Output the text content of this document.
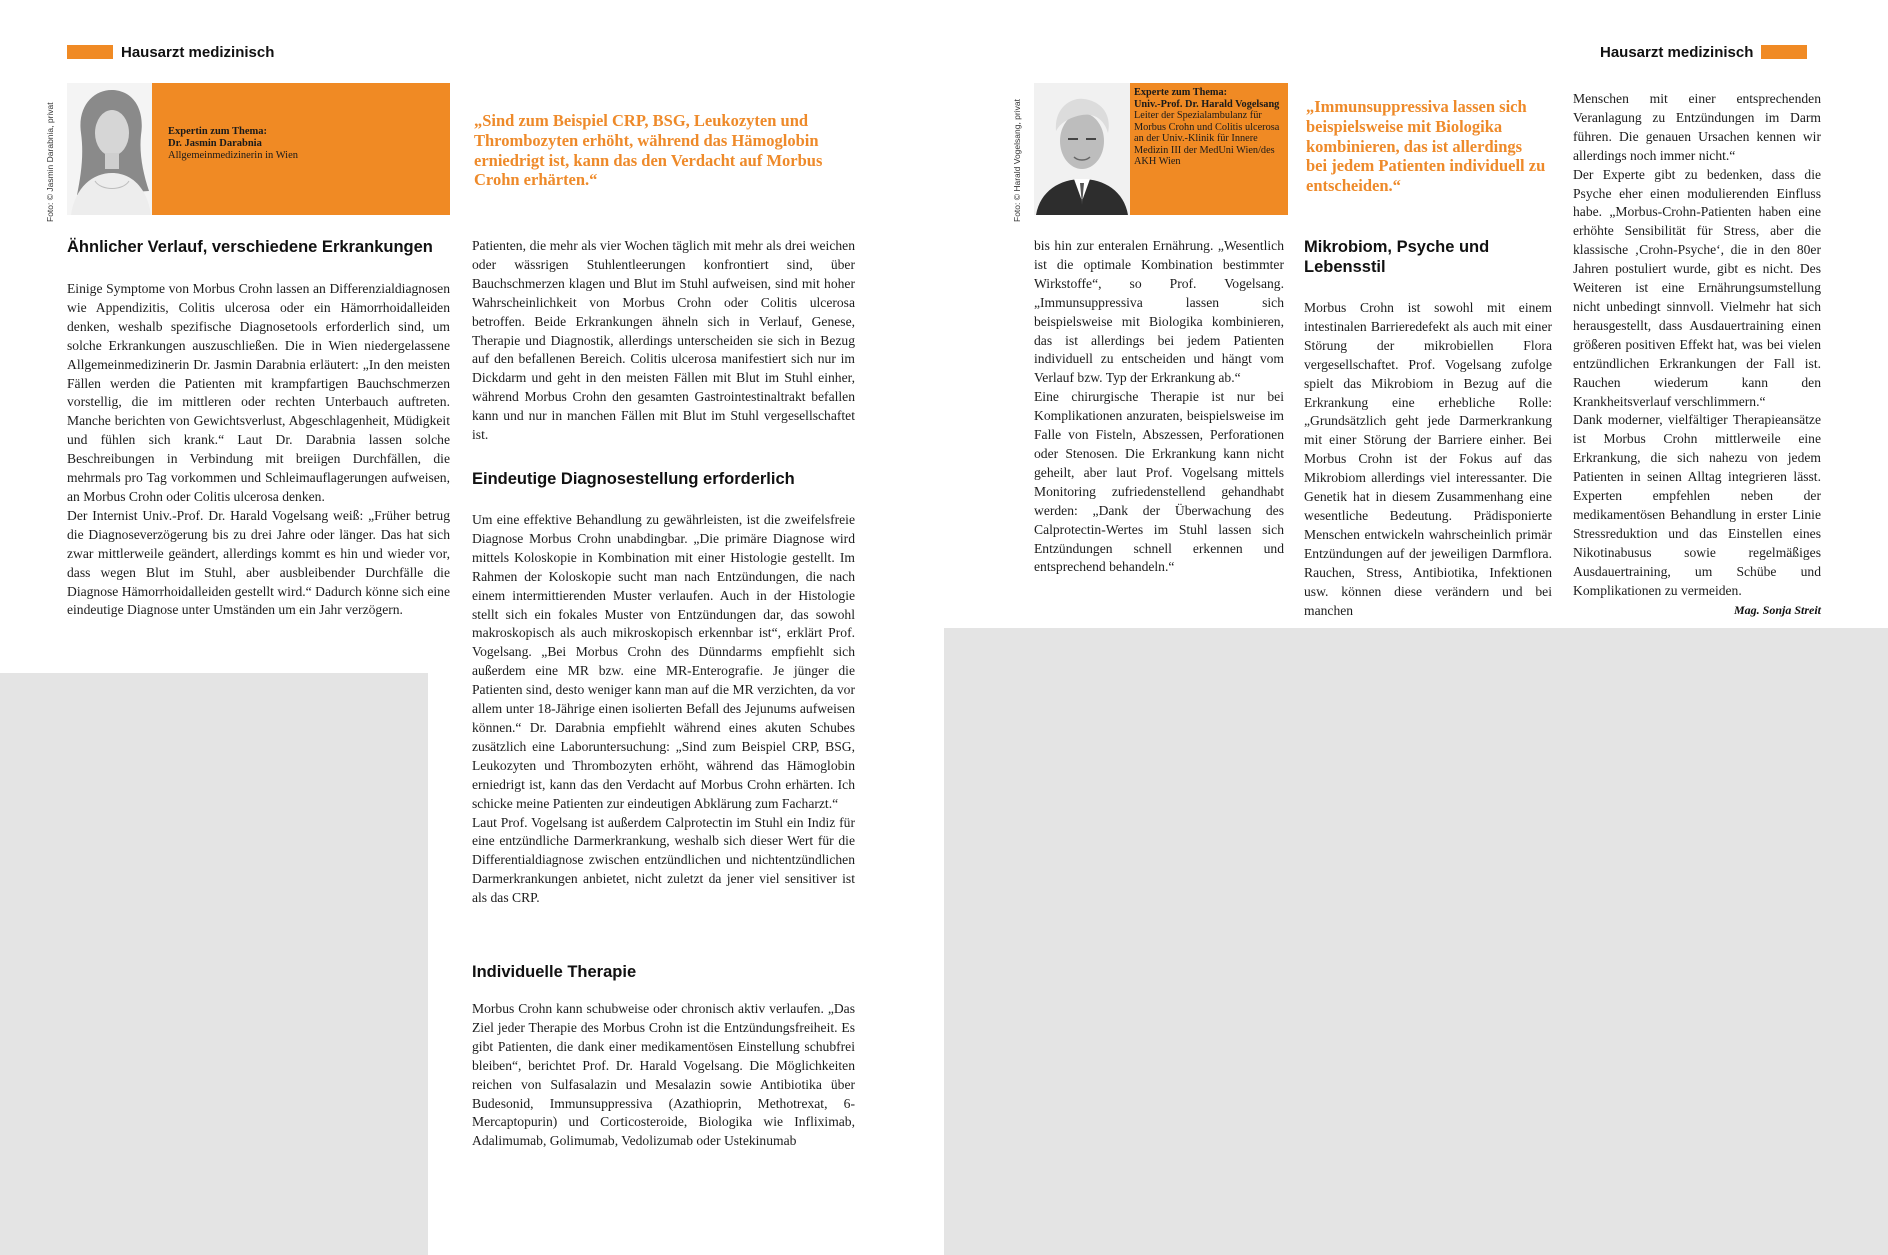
Hausarzt medizinisch
Foto: © Jasmin Darabnia, privat	Expertin zum Thema:
Dr. Jasmin Darabnia
Allgemeinmedizinerin in Wien
„Sind zum Beispiel CRP, BSG, Leukozyten und Thrombozyten erhöht, während das Hämoglobin erniedrigt ist, kann das den Verdacht auf Morbus Crohn erhärten.“
Ähnlicher Verlauf, verschiedene Erkrankungen

Einige Symptome von Morbus Crohn lassen an Differenzialdiagnosen wie Appendizitis, Colitis ulcerosa oder ein Hämorrhoidalleiden denken, weshalb spezifische Diagnosetools erforderlich sind, um solche Erkrankungen auszuschließen. Die in Wien niedergelassene Allgemeinmedizinerin Dr. Jasmin Darabnia erläutert: „In den meisten Fällen werden die Patienten mit krampfartigen Bauchschmerzen vorstellig, die im mittleren oder rechten Unterbauch auftreten. Manche berichten von Gewichtsverlust, Abgeschlagenheit, Müdigkeit und fühlen sich krank.“ Laut Dr. Darabnia lassen solche Beschreibungen in Verbindung mit breiigen Durchfällen, die mehrmals pro Tag vorkommen und Schleimauflagerungen aufweisen, an Morbus Crohn oder Colitis ulcerosa denken.

Der Internist Univ.-Prof. Dr. Harald Vogelsang weiß: „Früher betrug die Diagnoseverzögerung bis zu drei Jahre oder länger. Das hat sich zwar mittlerweile geändert, allerdings kommt es hin und wieder vor, dass wegen Blut im Stuhl, aber ausbleibender Durchfälle die Diagnose Hämorrhoidalleiden gestellt wird.“ Dadurch könne sich eine eindeutige Diagnose unter Umständen um ein Jahr verzögern.

Patienten, die mehr als vier Wochen täglich mit mehr als drei weichen oder wässrigen Stuhlentleerungen konfrontiert sind, über Bauchschmerzen klagen und Blut im Stuhl aufweisen, sind mit hoher Wahrscheinlichkeit von Morbus Crohn oder Colitis ulcerosa betroffen. Beide Erkrankungen ähneln sich in Verlauf, Genese, Therapie und Diagnostik, allerdings unterscheiden sie sich in Bezug auf den befallenen Bereich. Colitis ulcerosa manifestiert sich nur im Dickdarm und geht in den meisten Fällen mit Blut im Stuhl einher, während Morbus Crohn den gesamten Gastrointestinaltrakt befallen kann und nur in manchen Fällen mit Blut im Stuhl vergesellschaftet ist.

Eindeutige Diagnosestellung erforderlich

Um eine effektive Behandlung zu gewährleisten, ist die zweifelsfreie Diagnose Morbus Crohn unabdingbar. „Die primäre Diagnose wird mittels Koloskopie in Kombination mit einer Histologie gestellt. Im Rahmen der Koloskopie sucht man nach Entzündungen, die nach einem intermittierenden Muster verlaufen. Auch in der Histologie stellt sich ein fokales Muster von Entzündungen dar, das sowohl makroskopisch als auch mikroskopisch erkennbar ist“, erklärt Prof. Vogelsang. „Bei Morbus Crohn des Dünndarms empfiehlt sich außerdem eine MR bzw. eine MR-Enterografie. Je jünger die Patienten sind, desto weniger kann man auf die MR verzichten, da vor allem unter 18-Jährige einen isolierten Befall des Jejunums aufweisen können.“ Dr. Darabnia empfiehlt während eines akuten Schubes zusätzlich eine Laboruntersuchung: „Sind zum Beispiel CRP, BSG, Leukozyten und Thrombozyten erhöht, während das Hämoglobin erniedrigt ist, kann das den Verdacht auf Morbus Crohn erhärten. Ich schicke meine Patienten zur eindeutigen Abklärung zum Facharzt.“

Laut Prof. Vogelsang ist außerdem Calprotectin im Stuhl ein Indiz für eine entzündliche Darmerkrankung, weshalb sich dieser Wert für die Differentialdiagnose zwischen entzündlichen und nichtentzündlichen Darmerkrankungen anbietet, nicht zuletzt da jener viel sensitiver ist als das CRP.

Individuelle Therapie

Morbus Crohn kann schubweise oder chronisch aktiv verlaufen. „Das Ziel jeder Therapie des Morbus Crohn ist die Entzündungsfreiheit. Es gibt Patienten, die dank einer medikamentösen Einstellung schubfrei bleiben“, berichtet Prof. Dr. Harald Vogelsang. Die Möglichkeiten reichen von Sulfasalazin und Mesalazin sowie Antibiotika über Budesonid, Immunsuppressiva (Azathioprin, Methotrexat, 6-Mercaptopurin) und Corticosteroide, Biologika wie Infliximab, Adalimumab, Golimumab, Vedolizumab oder Ustekinumab

Hausarzt medizinisch
Foto: © Harald Vogelsang, privat
Experte zum Thema:
Univ.-Prof. Dr. Harald Vogelsang
Leiter der Spezialambulanz für Morbus Crohn und Colitis ulcerosa an der Univ.-Klinik für Innere Medizin III der MedUni Wien/des AKH Wien
„Immunsuppressiva lassen sich beispielsweise mit Biologika kombinieren, das ist allerdings bei jedem Patienten individuell zu entscheiden.“

bis hin zur enteralen Ernährung. „Wesentlich ist die optimale Kombination bestimmter Wirkstoffe“, so Prof. Vogelsang. „Immunsuppressiva lassen sich beispielsweise mit Biologika kombinieren, das ist allerdings bei jedem Patienten individuell zu entscheiden und hängt vom Verlauf bzw. Typ der Erkrankung ab.“

Eine chirurgische Therapie ist nur bei Komplikationen anzuraten, beispielsweise im Falle von Fisteln, Abszessen, Perforationen oder Stenosen. Die Erkrankung kann nicht geheilt, aber laut Prof. Vogelsang mittels Monitoring zufriedenstellend gehandhabt werden: „Dank der Überwachung des Calprotectin-Wertes im Stuhl lassen sich Entzündungen schnell erkennen und entsprechend behandeln.“

Mikrobiom, Psyche und Lebensstil

Morbus Crohn ist sowohl mit einem intestinalen Barrieredefekt als auch mit einer Störung der mikrobiellen Flora vergesellschaftet. Prof. Vogelsang zufolge spielt das Mikrobiom in Bezug auf die Erkrankung eine erhebliche Rolle: „Grundsätzlich geht jede Darmerkrankung mit einer Störung der Barriere einher. Bei Morbus Crohn ist der Fokus auf das Mikrobiom allerdings viel interessanter. Die Genetik hat in diesem Zusammenhang eine wesentliche Bedeutung. Prädisponierte Menschen entwickeln wahrscheinlich primär Entzündungen auf der jeweiligen Darmflora. Rauchen, Stress, Antibiotika, Infektionen usw. können diese verändern und bei manchen

Menschen mit einer entsprechenden Veranlagung zu Entzündungen im Darm führen. Die genauen Ursachen kennen wir allerdings noch immer nicht.“

Der Experte gibt zu bedenken, dass die Psyche eher einen modulierenden Einfluss habe. „Morbus-Crohn-Patienten haben eine erhöhte Sensibilität für Stress, aber die klassische ‚Crohn-Psyche‘, die in den 80er Jahren postuliert wurde, gibt es nicht. Des Weiteren ist eine Ernährungsumstellung nicht unbedingt sinnvoll. Vielmehr hat sich herausgestellt, dass Ausdauertraining einen größeren positiven Effekt hat, was bei vielen entzündlichen Erkrankungen der Fall ist. Rauchen wiederum kann den Krankheitsverlauf verschlimmern.“

Dank moderner, vielfältiger Therapieansätze ist Morbus Crohn mittlerweile eine Erkrankung, die sich nahezu von jedem Patienten in seinen Alltag integrieren lässt. Experten empfehlen neben der medikamentösen Behandlung in erster Linie Stressreduktion und das Einstellen eines Nikotinabusus sowie regelmäßiges Ausdauertraining, um Schübe und Komplikationen zu vermeiden.

Mag. Sonja Streit
